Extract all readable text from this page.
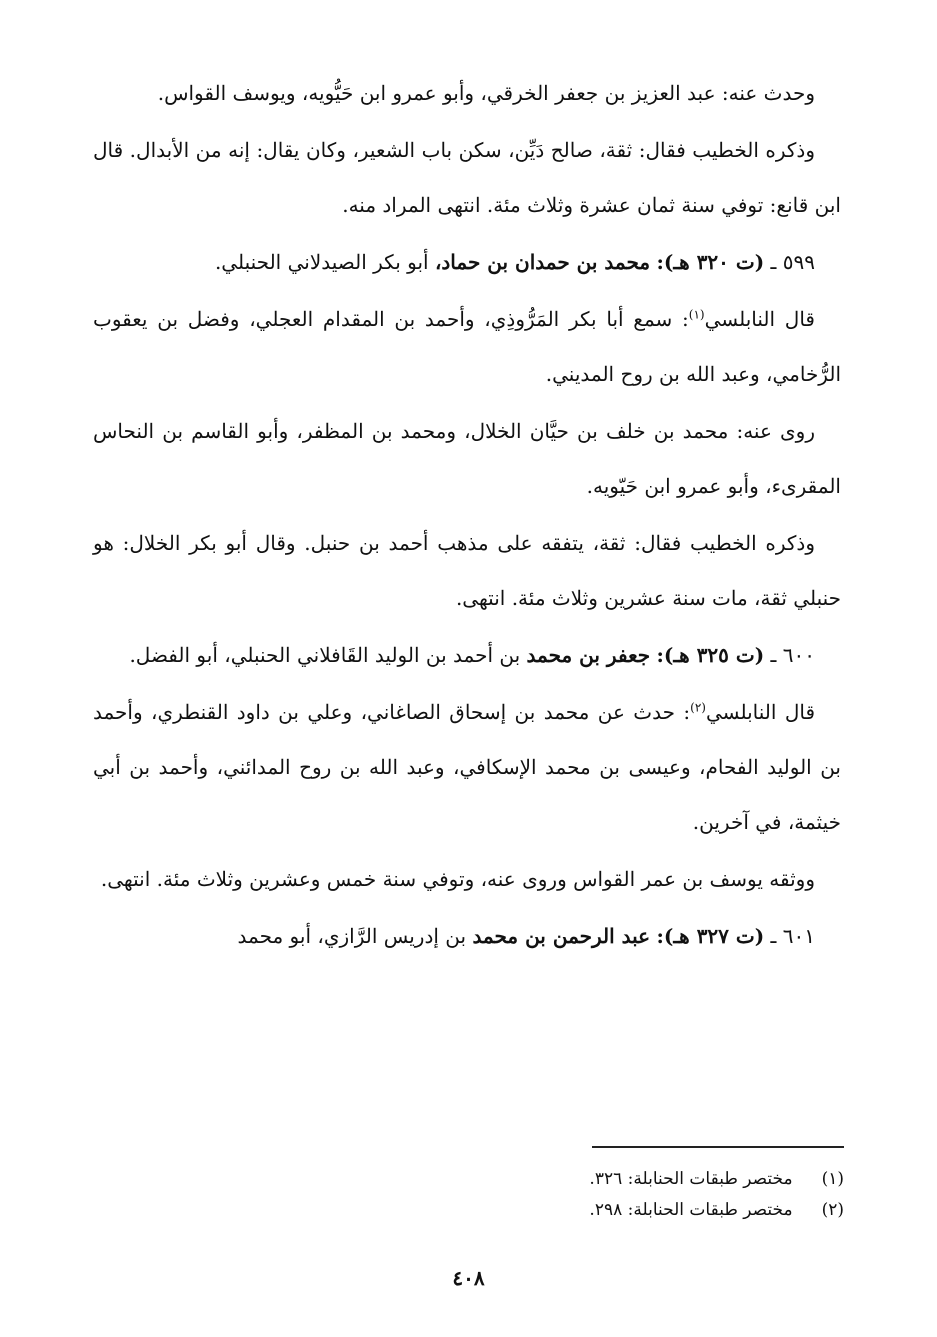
وحدث عنه: عبد العزيز بن جعفر الخرقي، وأبو عمرو ابن حَيُّويه، ويوسف القواس.

وذكره الخطيب فقال: ثقة، صالح دَيِّن، سكن باب الشعير، وكان يقال: إنه من الأبدال. قال ابن قانع: توفي سنة ثمان عشرة وثلاث مئة. انتهى المراد منه.

٥٩٩ ـ (ت ٣٢٠ هـ): محمد بن حمدان بن حماد، أبو بكر الصيدلاني الحنبلي.

قال النابلسي$^{(١)}$: سمع أبا بكر المَرُّوذِي، وأحمد بن المقدام العجلي، وفضل بن يعقوب الرُّخامي، وعبد الله بن روح المديني.

روى عنه: محمد بن خلف بن حيَّان الخلال، ومحمد بن المظفر، وأبو القاسم بن النحاس المقرىء، وأبو عمرو ابن حَيّويه.

وذكره الخطيب فقال: ثقة، يتفقه على مذهب أحمد بن حنبل. وقال أبو بكر الخلال: هو حنبلي ثقة، مات سنة عشرين وثلاث مئة. انتهى.

٦٠٠ ـ (ت ٣٢٥ هـ): جعفر بن محمد بن أحمد بن الوليد القَافلاني الحنبلي، أبو الفضل.

قال النابلسي$^{(٢)}$: حدث عن محمد بن إسحاق الصاغاني، وعلي بن داود القنطري، وأحمد بن الوليد الفحام، وعيسى بن محمد الإسكافي، وعبد الله بن روح المدائني، وأحمد بن أبي خيثمة، في آخرين.

ووثقه يوسف بن عمر القواس وروى عنه، وتوفي سنة خمس وعشرين وثلاث مئة. انتهى.

٦٠١ ـ (ت ٣٢٧ هـ): عبد الرحمن بن محمد بن إدريس الرَّازي، أبو محمد

(١) مختصر طبقات الحنابلة: ٣٢٦.
(٢) مختصر طبقات الحنابلة: ٢٩٨.
٤٠٨
